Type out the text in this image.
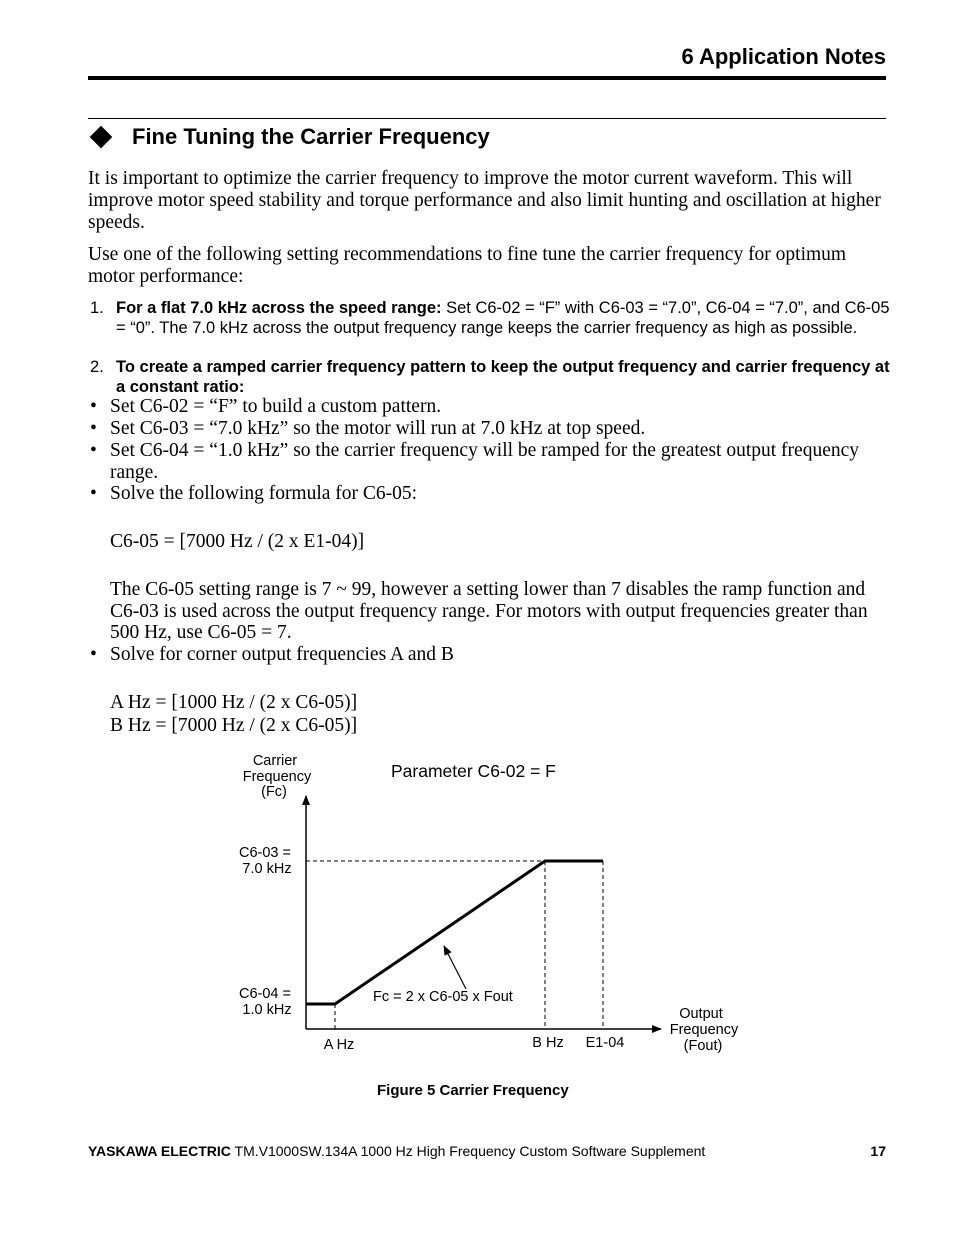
6 Application Notes
Fine Tuning the Carrier Frequency
It is important to optimize the carrier frequency to improve the motor current waveform. This will improve motor speed stability and torque performance and also limit hunting and oscillation at higher speeds.
Use one of the following setting recommendations to fine tune the carrier frequency for optimum motor performance:
1. For a flat 7.0 kHz across the speed range: Set C6-02 = “F” with C6-03 = “7.0”, C6-04 = “7.0”, and C6-05 = “0”. The 7.0 kHz across the output frequency range keeps the carrier frequency as high as possible.
2. To create a ramped carrier frequency pattern to keep the output frequency and carrier frequency at a constant ratio:
• Set C6-02 = “F” to build a custom pattern.
• Set C6-03 = “7.0 kHz” so the motor will run at 7.0 kHz at top speed.
• Set C6-04 = “1.0 kHz” so the carrier frequency will be ramped for the greatest output frequency range.
• Solve the following formula for C6-05:
C6-05 = [7000 Hz / (2 x E1-04)]
The C6-05 setting range is 7 ~ 99, however a setting lower than 7 disables the ramp function and C6-03 is used across the output frequency range. For motors with output frequencies greater than 500 Hz, use C6-05 = 7.
• Solve for corner output frequencies A and B
A Hz = [1000 Hz / (2 x C6-05)]
B Hz = [7000 Hz / (2 x C6-05)]
Carrier Frequency (Fc)
Parameter C6-02 = F
C6-03 = 7.0 kHz
C6-04 = 1.0 kHz
Fc = 2 x C6-05 x Fout
A Hz	B Hz E1-04
Output Frequency (Fout)
Figure 5 Carrier Frequency
YASKAWA ELECTRIC TM.V1000SW.134A 1000 Hz High Frequency Custom Software Supplement	17
